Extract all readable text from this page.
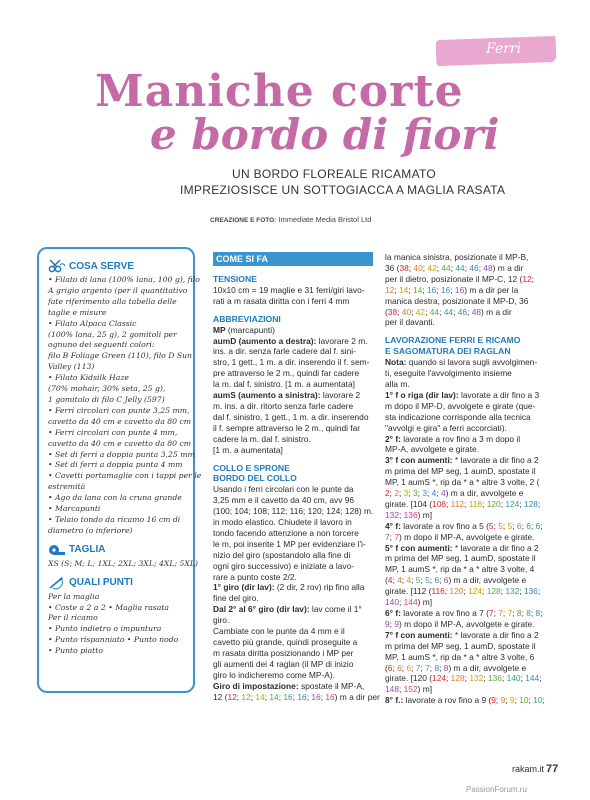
Ferri
Maniche corte
e bordo di fiori
UN BORDO FLOREALE RICAMATO
IMPREZIOSISCE UN SOTTOGIACCA A MAGLIA RASATA
CREAZIONE E FOTO: Immediate Media Bristol Ltd
COSA SERVE
• Filato di lana (100% lana, 100 g), filo
A grigio argento (per il quantitativo
fate riferimento alla tabella delle
taglie e misure
• Filato Alpaca Classic
(100% lana, 25 g), 2 gomitoli per
ognuno dei seguenti colori:
filo B Foliage Green (110), filo D Sun
Valley (113)
• Filato Kidsilk Haze
(70% mohair, 30% seta, 25 g),
1 gomitolo di filo C Jelly (597)
• Ferri circolari con punte 3,25 mm,
cavetto da 40 cm e cavetto da 80 cm
• Ferri circolari con punte 4 mm,
cavetto da 40 cm e cavetto da 80 cm
• Set di ferri a doppia punta 3,25 mm
• Set di ferri a doppia punta 4 mm
• Cavetti portamaglie con i tappi per le
estremità
• Ago da lana con la cruna grande
• Marcapunti
• Telaio tondo da ricamo 16 cm di
diametro (o inferiore)
TAGLIA
XS (S; M; L; 1XL; 2XL; 3XL; 4XL; 5XL)
QUALI PUNTI
Per la maglia
• Coste a 2 a 2 • Maglia rasata
Per il ricamo
• Punto indietro o impuntura
• Punto rispanniato • Punto nodo
• Punto piatto
COME SI FA
TENSIONE
10x10 cm = 19 maglie e 31 ferri/giri lavo-
rati a m rasata diritta con i ferri 4 mm
ABBREVIAZIONI
MP (marcapunti)
aumD (aumento a destra): lavorare 2 m.
ins. a dir. senza farle cadere dal f. sini-
stro, 1 gett., 1 m. a dir. inserendo il f. sem-
pre attraverso le 2 m., quindi far cadere
la m. dal f. sinistro. [1 m. a aumentata]
aumS (aumento a sinistra): lavorare 2
m. ins. a dir. ritorto senza farle cadere
dal f. sinistro, 1 gett., 1 m. a dir. inserendo
il f. sempre attraverso le 2 m., quindi far
cadere la m. dal f. sinistro.
[1 m. a aumentata]
COLLO E SPRONE
BORDO DEL COLLO
Usando i ferri circolari con le punte da
3,25 mm e il cavetto da 40 cm, avv 96
(100; 104; 108; 112; 116; 120; 124; 128) m.
in modo elastico. Chiudete il lavoro in
tondo facendo attenzione a non torcere
le m, poi inserite 1 MP per evidenziare l'i-
nizio del giro (spostandolo alla fine di
ogni giro successivo) e iniziate a lavo-
rare a punto coste 2/2.
1° giro (dir lav): (2 dir, 2 rov) rip fino alla
fine del giro.
Dal 2° al 6° giro (dir lav): lav come il 1°
giro.
Cambiate con le punte da 4 mm e il
cavetto più grande, quindi proseguite a
m rasata diritta posizionando i MP per
gli aumenti dei 4 raglan (il MP di inizio
giro lo indicheremo come MP-A).
Giro di impostazione: spostate il MP-A,
12 (12; 12; 14; 14; 16; 16; 16; 16) m a dir per
la manica sinistra, posizionate il MP-B,
36 (38; 40; 42; 44; 44; 46; 48) m a dir
per il dietro, posizionate il MP-C, 12 (12;
12; 14; 14; 16; 16; 16) m a dir per la
manica destra, posizionate il MP-D, 36
(38; 40; 42; 44; 44; 46; 48) m a dir
per il davanti.
LAVORAZIONE FERRI E RICAMO
E SAGOMATURA DEI RAGLAN
Nota: quando si lavora sugli avvolgimen-
ti, eseguite l'avvolgimento insieme
alla m.
1° f o riga (dir lav): lavorate a dir fino a 3
m dopo il MP-D, avvolgete e girate (que-
sta indicazione corrisponde alla tecnica
"avvolgi e gira" a ferri accorciati).
2° f: lavorate a rov fino a 3 m dopo il
MP-A, avvolgete e girate.
3° f con aumenti: * lavorate a dir fino a 2
m prima del MP seg, 1 aumD, spostate il
MP, 1 aumS *, rip da * a * altre 3 volte, 2 (
2; 2; 3; 3; 3; 4; 4) m a dir, avvolgete e
girate. [104 (108; 112; 116; 120; 124; 128;
132; 136) m]
4° f: lavorate a rov fino a 5 (5; 5; 5; 6; 6; 6;
7; 7) m dopo il MP-A, avvolgete e girate.
5° f con aumenti: * lavorate a dir fino a 2
m prima del MP seg, 1 aumD, spostate il
MP, 1 aumS *, rip da * a * altre 3 volte, 4
(4; 4; 4; 5; 5; 6; 6) m a dir, avvolgete e
girate. [112 (116; 120; 124; 128; 132; 136;
140; 144) m]
6° f: lavorate a rov fino a 7 (7; 7; 7; 8; 8; 8;
9; 9) m dopo il MP-A, avvolgete e girate.
7° f con aumenti: * lavorate a dir fino a 2
m prima del MP seg, 1 aumD, spostate il
MP, 1 aumS *, rip da * a * altre 3 volte, 6
(6; 6; 6; 7; 7; 8; 8) m a dir, avvolgete e
girate. [120 (124; 128; 132; 136; 140; 144;
148; 152) m]
8° f.: lavorate a rov fino a 9 (9; 9; 9; 10; 10;
rakam.it 77
PassionForum.ru
